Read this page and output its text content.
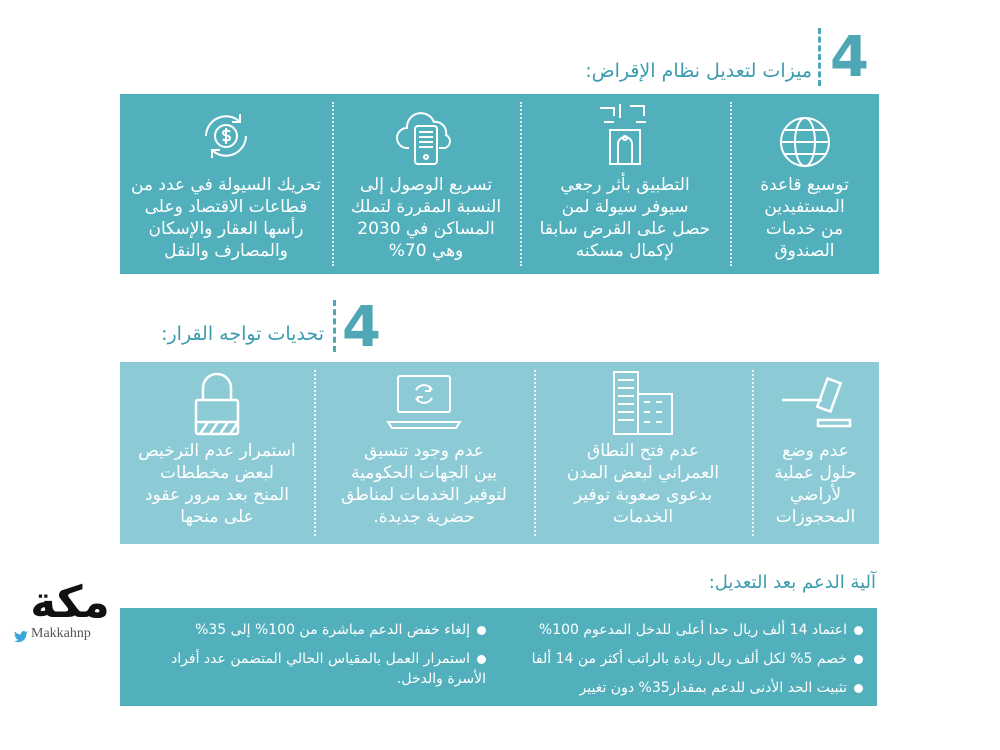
4
ميزات لتعديل نظام الإقراض:
تحريك السيولة في عدد من
قطاعات الاقتصاد وعلى
رأسها العقار والإسكان
والمصارف والنقل
تسريع الوصول إلى
النسبة المقررة لتملك
المساكن في 2030
وهي 70%
التطبيق بأثر رجعي
سيوفر سيولة لمن
حصل على القرض سابقا
لإكمال مسكنه
توسيع قاعدة
المستفيدين
من خدمات
الصندوق
4
تحديات تواجه القرار:
استمرار عدم الترخيص
لبعض مخططات
المنح بعد مرور عقود
على منحها
عدم وجود تنسيق
بين الجهات الحكومية
لتوفير الخدمات لمناطق
حضرية جديدة.
عدم فتح النطاق
العمراني لبعض المدن
بدعوى صعوبة توفير
الخدمات
عدم وضع
حلول عملية
لأراضي
المحجوزات
آلية الدعم بعد التعديل:
اعتماد 14 ألف ريال حدا أعلى للدخل المدعوم 100%
خصم 5% لكل ألف ريال زيادة بالراتب أكثر من 14 ألفا
تثبيت الحد الأدنى للدعم بمقدار35% دون تغيير
إلغاء خفض الدعم مباشرة من 100% إلى 35%
استمرار العمل بالمقياس الحالي المتضمن عدد أفراد
الأسرة والدخل.
مكة
Makkahnp
